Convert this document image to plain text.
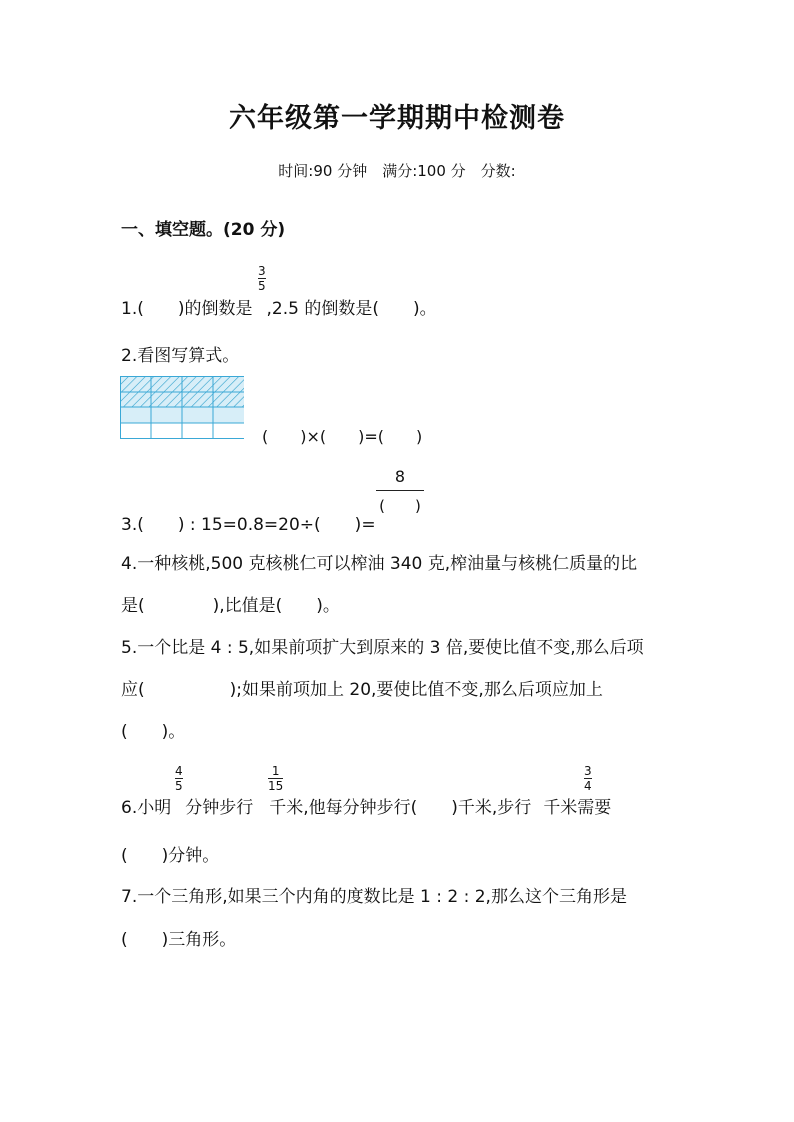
六年级第一学期期中检测卷
时间:90 分钟　满分:100 分　分数:
一、填空题。(20 分)
1.(　　)的倒数是 ,2.5 的倒数是(　　)。
$\frac{3}{5}$
2.看图写算式。
(　　)×(　　)=(　　)
3.(　　) : 15=0.8=20÷(　　)=
8
(　　)
4.一种核桃,500 克核桃仁可以榨油 340 克,榨油量与核桃仁质量的比
是(　　　　),比值是(　　)。
5.一个比是 4 : 5,如果前项扩大到原来的 3 倍,要使比值不变,那么后项
应(　　　　　);如果前项加上 20,要使比值不变,那么后项应加上
(　　)。
6.小明 分钟步行 千米,他每分钟步行(　　)千米,步行 千米需要
$\frac{4}{5}$	$\frac{1}{15}$	$\frac{3}{4}$
(　　)分钟。
7.一个三角形,如果三个内角的度数比是 1 : 2 : 2,那么这个三角形是
(　　)三角形。
